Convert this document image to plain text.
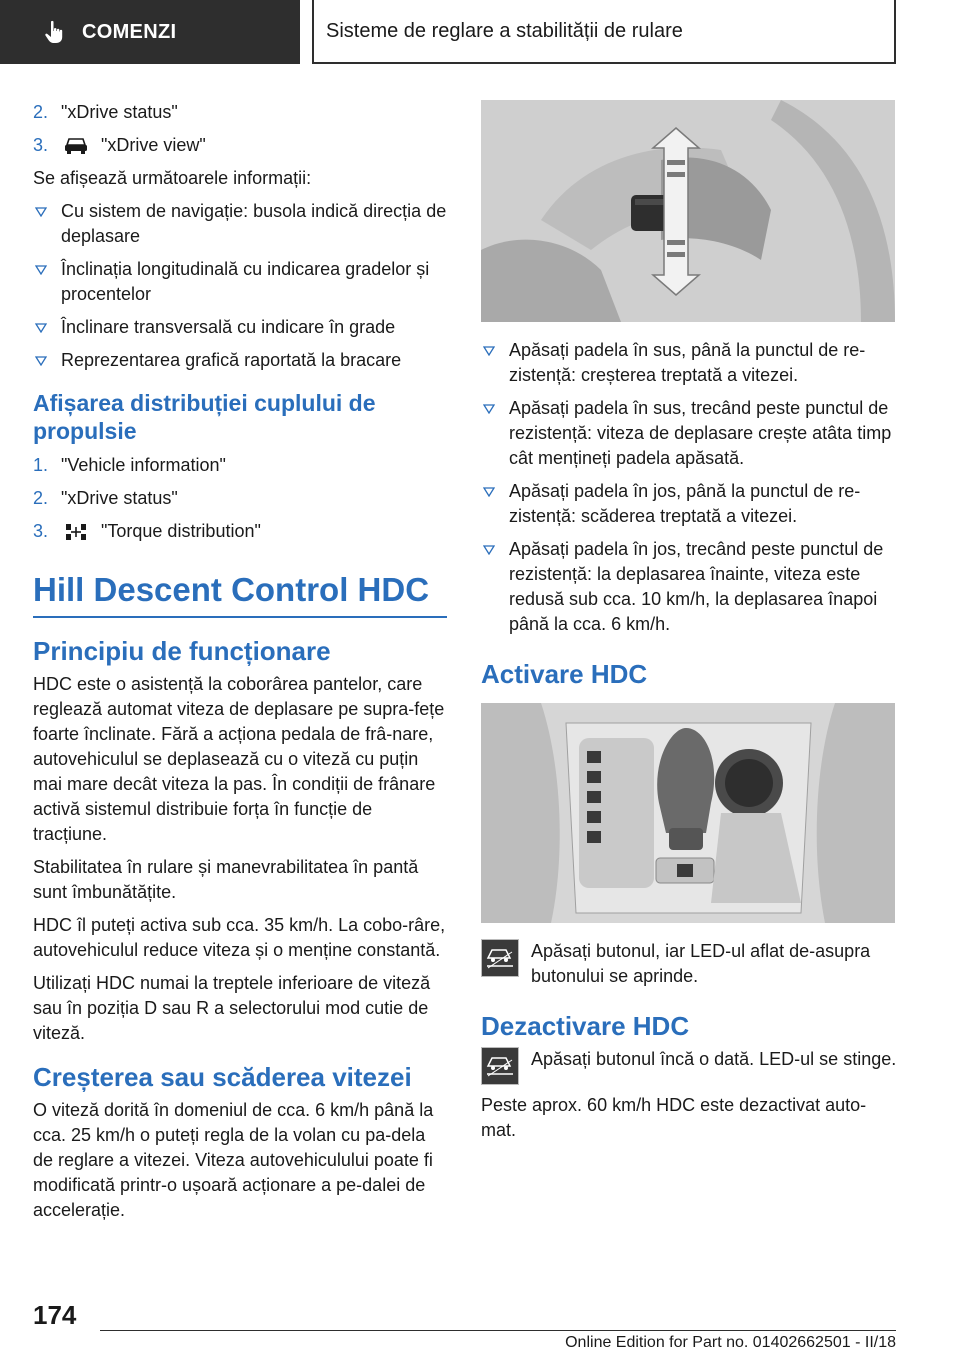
COMENZI	Sisteme de reglare a stabilității de rulare
2. "xDrive status"
3.	"xDrive view"

Se afișează următoarele informații:

Cu sistem de navigație: busola indică direcția de deplasare
Înclinația longitudinală cu indicarea gradelor și procentelor
Înclinare transversală cu indicare în grade
Reprezentarea grafică raportată la bracare
Afișarea distribuției cuplului de propulsie
1. "Vehicle information"
2. "xDrive status"
3.	"Torque distribution"
Hill Descent Control HDC
Principiu de funcționare

HDC este o asistență la coborârea pantelor, care reglează automat viteza de deplasare pe supra-fețe foarte înclinate. Fără a acționa pedala de frâ-nare, autovehiculul se deplasează cu o viteză cu puțin mai mare decât viteza la pas. În condiții de frânare activă sistemul distribuie forța în funcție de tracțiune.

Stabilitatea în rulare și manevrabilitatea în pantă sunt îmbunătățite.

HDC îl puteți activa sub cca. 35 km/h. La cobo-râre, autovehiculul reduce viteza și o menține constantă.

Utilizați HDC numai la treptele inferioare de viteză sau în poziția D sau R a selectorului mod cutie de viteză.

Creșterea sau scăderea vitezei

O viteză dorită în domeniul de cca. 6 km/h până la cca. 25 km/h o puteți regla de la volan cu pa-dela de reglare a vitezei. Viteza autovehiculului poate fi modificată printr-o ușoară acționare a pe-dalei de accelerație.

Apăsați padela în sus, până la punctul de re-zistență: creșterea treptată a vitezei.
Apăsați padela în sus, trecând peste punctul de rezistență: viteza de deplasare crește atâta timp cât mențineți padela apăsată.
Apăsați padela în jos, până la punctul de re-zistență: scăderea treptată a vitezei.
Apăsați padela în jos, trecând peste punctul de rezistență: la deplasarea înainte, viteza este redusă sub cca. 10 km/h, la deplasarea înapoi până la cca. 6 km/h.
Activare HDC
Apăsați butonul, iar LED-ul aflat de-asupra butonului se aprinde.
Dezactivare HDC
Apăsați butonul încă o dată. LED-ul se stinge.

Peste aprox. 60 km/h HDC este dezactivat auto-mat.

174
Online Edition for Part no. 01402662501 - II/18
